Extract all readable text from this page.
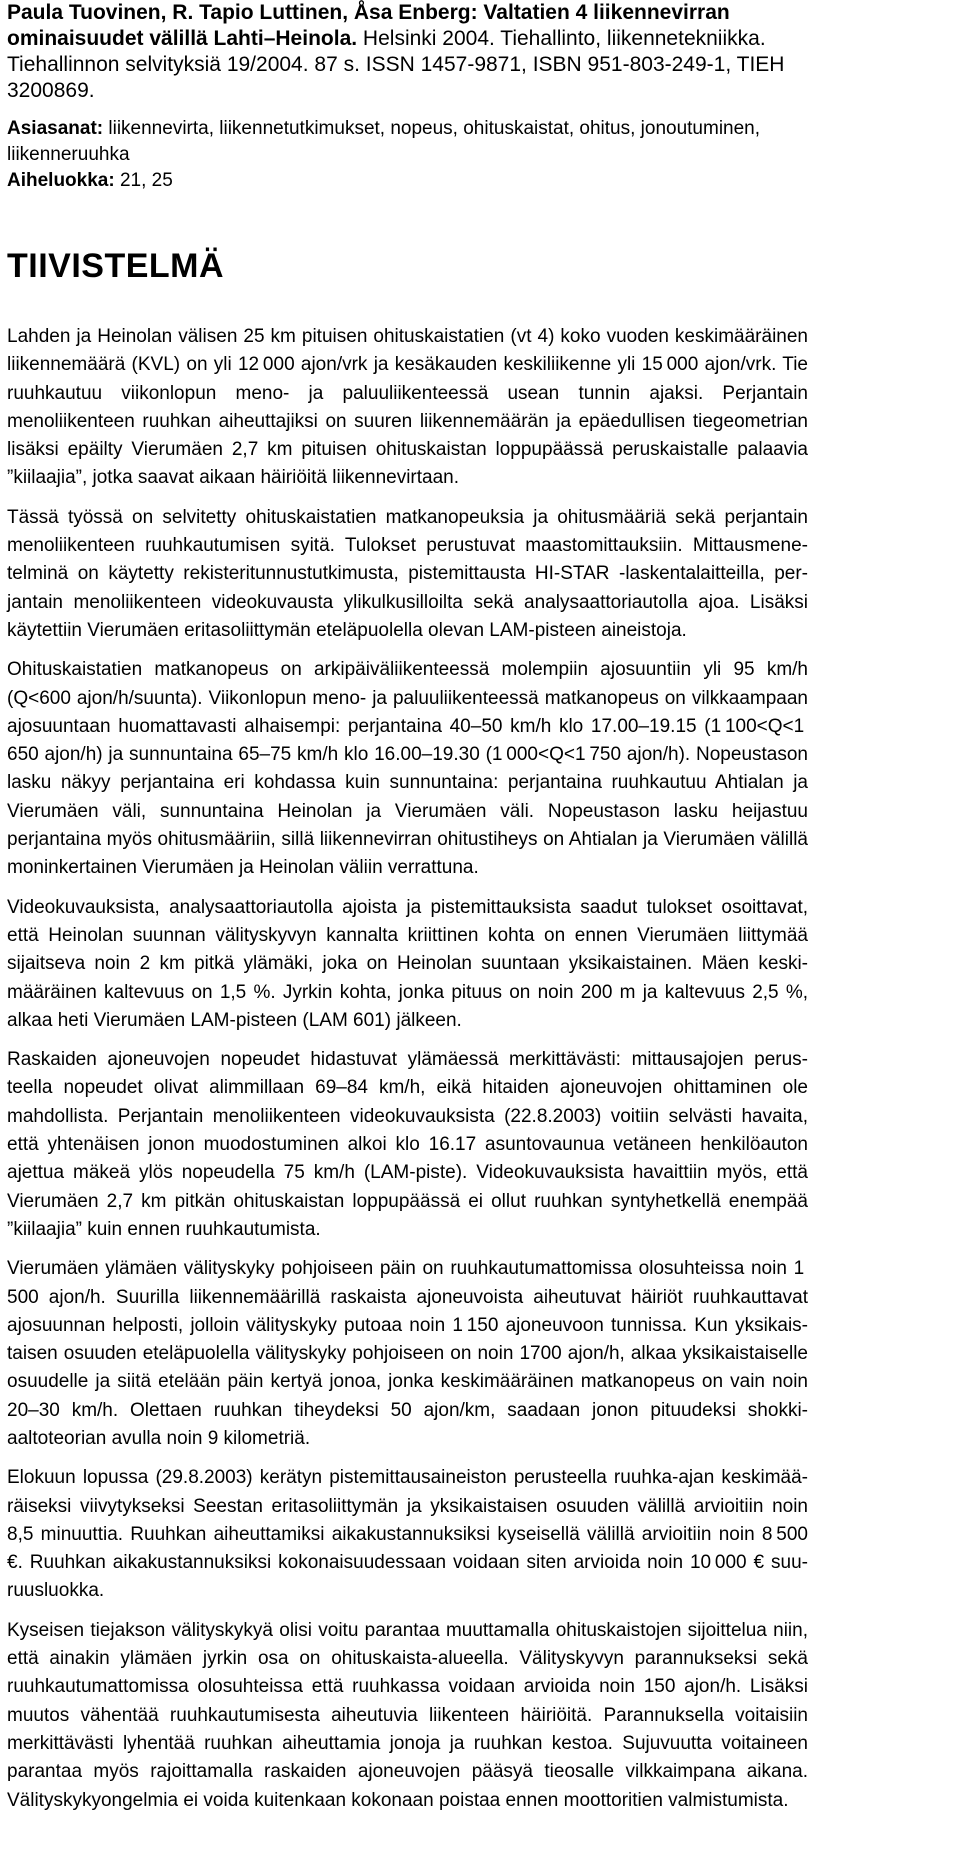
Paula Tuovinen, R. Tapio Luttinen, Åsa Enberg: Valtatien 4 liikennevirran ominaisuudet välillä Lahti–Heinola. Helsinki 2004. Tiehallinto, liikennetekniikka. Tiehallinnon selvityksiä 19/2004. 87 s. ISSN 1457-9871, ISBN 951-803-249-1, TIEH 3200869.

Asiasanat: liikennevirta, liikennetutkimukset, nopeus, ohituskaistat, ohitus, jonoutuminen, liikenneruuhka

Aiheluokka: 21, 25

TIIVISTELMÄ

Lahden ja Heinolan välisen 25 km pituisen ohituskaistatien (vt 4) koko vuoden keskimääräinen liikennemäärä (KVL) on yli 12 000 ajon/vrk ja kesäkauden keskiliikenne yli 15 000 ajon/vrk. Tie ruuhkautuu viikonlopun meno- ja paluuliikenteessä usean tunnin ajaksi. Perjantain menoliikenteen ruuhkan aiheuttajiksi on suuren liikennemäärän ja epäedullisen tiegeometrian lisäksi epäilty Vierumäen 2,7 km pituisen ohituskaistan loppupäässä peruskaistalle palaavia ”kiilaajia”, jotka saavat aikaan häiriöitä liikennevirtaan.

Tässä työssä on selvitetty ohituskaistatien matkanopeuksia ja ohitusmääriä sekä perjantain menoliikenteen ruuhkautumisen syitä. Tulokset perustuvat maastomittauksiin. Mittausmenetelminä on käytetty rekisteritunnustutkimusta, pistemittausta HI-STAR -laskentalaitteilla, perjantain menoliikenteen videokuvausta ylikulkusilloilta sekä analysaattoriautolla ajoa. Lisäksi käytettiin Vierumäen eritasoliittymän eteläpuolella olevan LAM-pisteen aineistoja.

Ohituskaistatien matkanopeus on arkipäiväliikenteessä molempiin ajosuuntiin yli 95 km/h (Q<600 ajon/h/suunta). Viikonlopun meno- ja paluuliikenteessä matkanopeus on vilkkaampaan ajosuuntaan huomattavasti alhaisempi: perjantaina 40–50 km/h klo 17.00–19.15 (1 100<Q<1 650 ajon/h) ja sunnuntaina 65–75 km/h klo 16.00–19.30 (1 000<Q<1 750 ajon/h). Nopeustason lasku näkyy perjantaina eri kohdassa kuin sunnuntaina: perjantaina ruuhkautuu Ahtialan ja Vierumäen väli, sunnuntaina Heinolan ja Vierumäen väli. Nopeustason lasku heijastuu perjantaina myös ohitusmääriin, sillä liikennevirran ohitustiheys on Ahtialan ja Vierumäen välillä moninkertainen Vierumäen ja Heinolan väliin verrattuna.

Videokuvauksista, analysaattoriautolla ajoista ja pistemittauksista saadut tulokset osoittavat, että Heinolan suunnan välityskyvyn kannalta kriittinen kohta on ennen Vierumäen liittymää sijaitseva noin 2 km pitkä ylämäki, joka on Heinolan suuntaan yksikaistainen. Mäen keskimääräinen kaltevuus on 1,5 %. Jyrkin kohta, jonka pituus on noin 200 m ja kaltevuus 2,5 %, alkaa heti Vierumäen LAM-pisteen (LAM 601) jälkeen.

Raskaiden ajoneuvojen nopeudet hidastuvat ylämäessä merkittävästi: mittausajojen perusteella nopeudet olivat alimmillaan 69–84 km/h, eikä hitaiden ajoneuvojen ohittaminen ole mahdollista. Perjantain menoliikenteen videokuvauksista (22.8.2003) voitiin selvästi havaita, että yhtenäisen jonon muodostuminen alkoi klo 16.17 asuntovaunua vetäneen henkilöauton ajettua mäkeä ylös nopeudella 75 km/h (LAM-piste). Videokuvauksista havaittiin myös, että Vierumäen 2,7 km pitkän ohituskaistan loppupäässä ei ollut ruuhkan syntyhetkellä enempää ”kiilaajia” kuin ennen ruuhkautumista.

Vierumäen ylämäen välityskyky pohjoiseen päin on ruuhkautumattomissa olosuhteissa noin 1 500 ajon/h. Suurilla liikennemäärillä raskaista ajoneuvoista aiheutuvat häiriöt ruuhkauttavat ajosuunnan helposti, jolloin välityskyky putoaa noin 1 150 ajoneuvoon tunnissa. Kun yksikaistaisen osuuden eteläpuolella välityskyky pohjoiseen on noin 1700 ajon/h, alkaa yksikaistaiselle osuudelle ja siitä etelään päin kertyä jonoa, jonka keskimääräinen matkanopeus on vain noin 20–30 km/h. Olettaen ruuhkan tiheydeksi 50 ajon/km, saadaan jonon pituudeksi shokkiaaltoteorian avulla noin 9 kilometriä.

Elokuun lopussa (29.8.2003) kerätyn pistemittausaineiston perusteella ruuhka-ajan keskimääräiseksi viivytykseksi Seestan eritasoliittymän ja yksikaistaisen osuuden välillä arvioitiin noin 8,5 minuuttia. Ruuhkan aiheuttamiksi aikakustannuksiksi kyseisellä välillä arvioitiin noin 8 500 €. Ruuhkan aikakustannuksiksi kokonaisuudessaan voidaan siten arvioida noin 10 000 € suuruusluokka.

Kyseisen tiejakson välityskykyä olisi voitu parantaa muuttamalla ohituskaistojen sijoittelua niin, että ainakin ylämäen jyrkin osa on ohituskaista-alueella. Välityskyvyn parannukseksi sekä ruuhkautumattomissa olosuhteissa että ruuhkassa voidaan arvioida noin 150 ajon/h. Lisäksi muutos vähentää ruuhkautumisesta aiheutuvia liikenteen häiriöitä. Parannuksella voitaisiin merkittävästi lyhentää ruuhkan aiheuttamia jonoja ja ruuhkan kestoa. Sujuvuutta voitaineen parantaa myös rajoittamalla raskaiden ajoneuvojen pääsyä tieosalle vilkkaimpana aikana. Välityskykyongelmia ei voida kuitenkaan kokonaan poistaa ennen moottoritien valmistumista.
